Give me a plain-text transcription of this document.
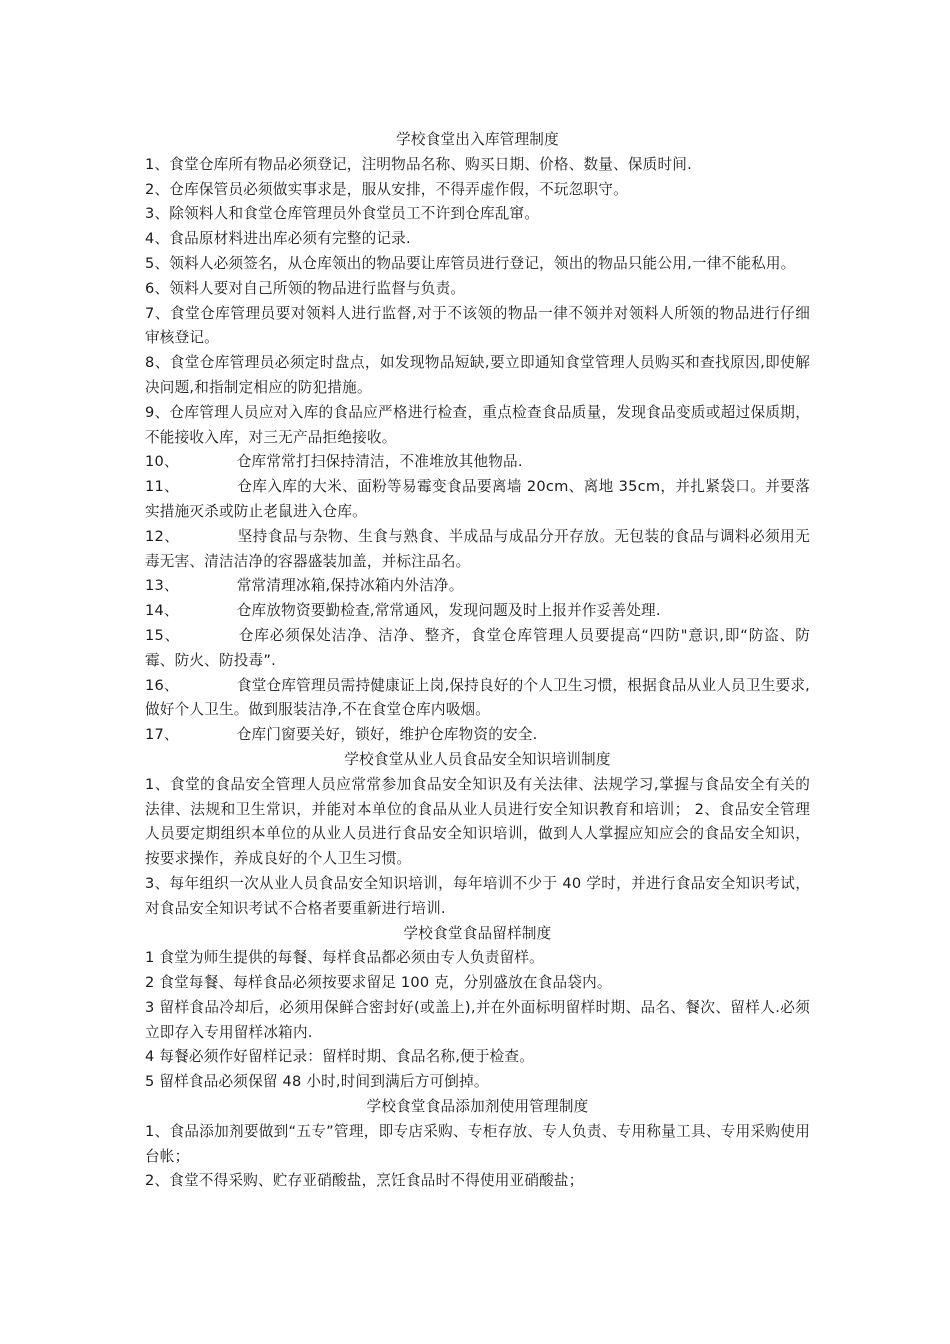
学校食堂出入库管理制度

1、食堂仓库所有物品必须登记，注明物品名称、购买日期、价格、数量、保质时间.

2、仓库保管员必须做实事求是，服从安排，不得弄虚作假，不玩忽职守。

3、除领料人和食堂仓库管理员外食堂员工不许到仓库乱窜。

4、食品原材料进出库必须有完整的记录.

5、领料人必须签名，从仓库领出的物品要让库管员进行登记，领出的物品只能公用,一律不能私用。

6、领料人要对自己所领的物品进行监督与负责。

7、食堂仓库管理员要对领料人进行监督,对于不该领的物品一律不领并对领料人所领的物品进行仔细审核登记。

8、食堂仓库管理员必须定时盘点，如发现物品短缺,要立即通知食堂管理人员购买和查找原因,即使解决问题,和指制定相应的防犯措施。

9、仓库管理人员应对入库的食品应严格进行检查，重点检查食品质量，发现食品变质或超过保质期，不能接收入库，对三无产品拒绝接收。

10、	仓库常常打扫保持清洁，不准堆放其他物品.

11、	仓库入库的大米、面粉等易霉变食品要离墙 20cm、离地 35cm，并扎紧袋口。并要落实措施灭杀或防止老鼠进入仓库。

12、	坚持食品与杂物、生食与熟食、半成品与成品分开存放。无包装的食品与调料必须用无毒无害、清洁洁净的容器盛装加盖，并标注品名。

13、	常常清理冰箱,保持冰箱内外洁净。

14、	仓库放物资要勤检查,常常通风，发现问题及时上报并作妥善处理.

15、	仓库必须保处洁净、洁净、整齐，食堂仓库管理人员要提高“四防"意识,即“防盗、防霉、防火、防投毒”.

16、	食堂仓库管理员需持健康证上岗,保持良好的个人卫生习惯，根据食品从业人员卫生要求,做好个人卫生。做到服装洁净,不在食堂仓库内吸烟。

17、	仓库门窗要关好，锁好，维护仓库物资的安全.

学校食堂从业人员食品安全知识培训制度

1、食堂的食品安全管理人员应常常参加食品安全知识及有关法律、法规学习,掌握与食品安全有关的法律、法规和卫生常识，并能对本单位的食品从业人员进行安全知识教育和培训； 2、食品安全管理人员要定期组织本单位的从业人员进行食品安全知识培训，做到人人掌握应知应会的食品安全知识，按要求操作，养成良好的个人卫生习惯。

3、每年组织一次从业人员食品安全知识培训，每年培训不少于 40 学时，并进行食品安全知识考试，对食品安全知识考试不合格者要重新进行培训.

学校食堂食品留样制度

1 食堂为师生提供的每餐、每样食品都必须由专人负责留样。

2 食堂每餐、每样食品必须按要求留足 100 克，分别盛放在食品袋内。

3 留样食品冷却后，必须用保鲜合密封好(或盖上),并在外面标明留样时期、品名、餐次、留样人.必须立即存入专用留样冰箱内.

4 每餐必须作好留样记录：留样时期、食品名称,便于检查。

5 留样食品必须保留 48 小时,时间到满后方可倒掉。

学校食堂食品添加剂使用管理制度

1、食品添加剂要做到“五专”管理，即专店采购、专柜存放、专人负责、专用称量工具、专用采购使用台帐；

2、食堂不得采购、贮存亚硝酸盐，烹饪食品时不得使用亚硝酸盐；
